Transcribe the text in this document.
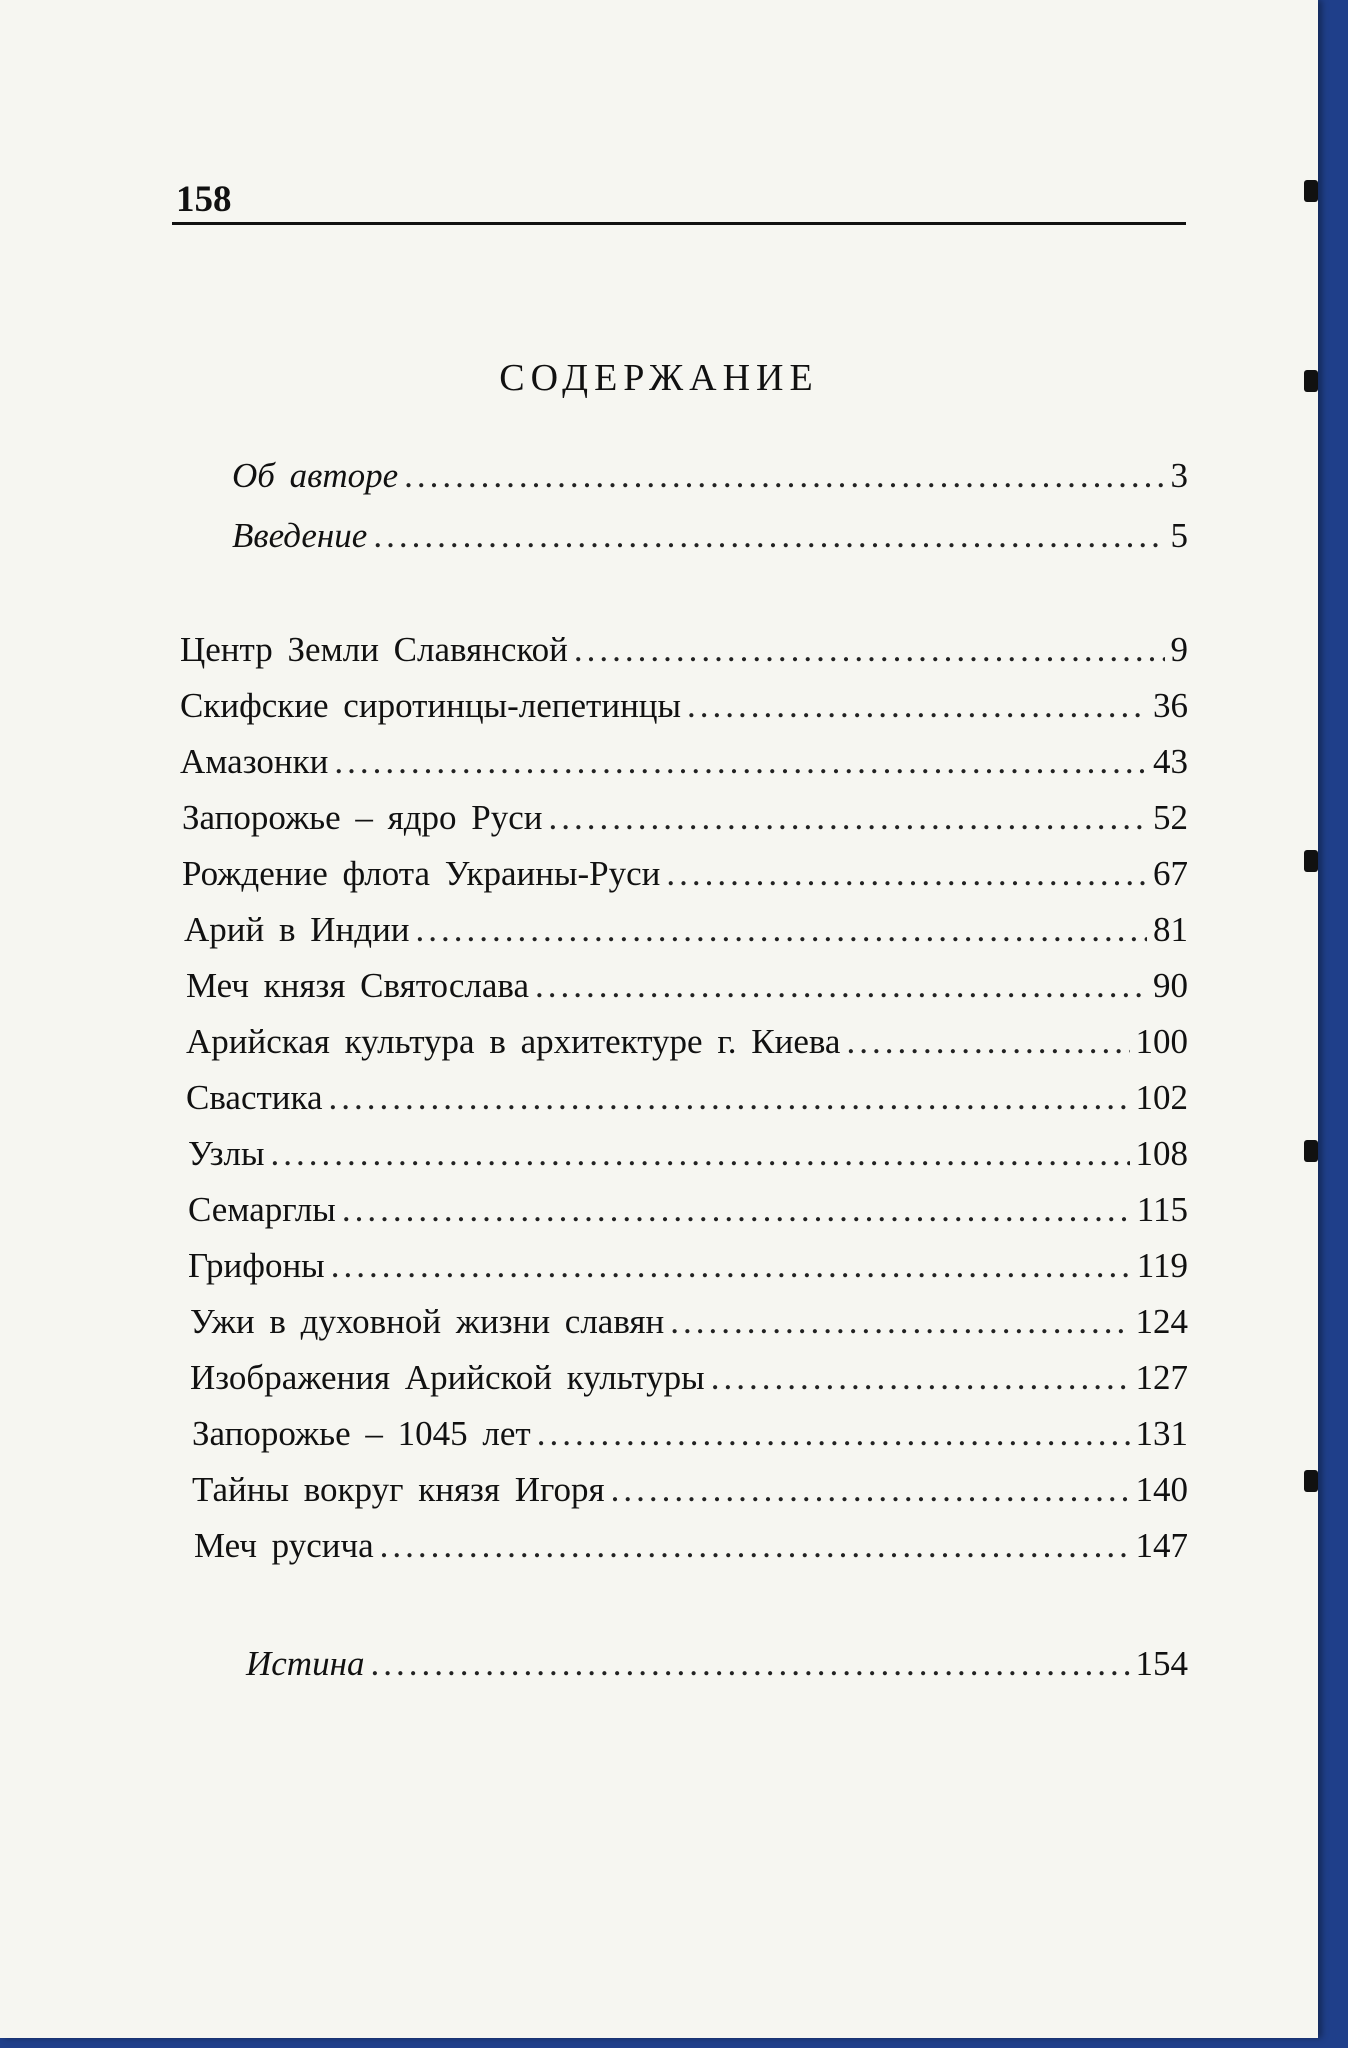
158
СОДЕРЖАНИЕ
Об авторе .....	3
Введение .....	5
Центр Земли Славянской .....	9
Скифские сиротинцы-лепетинцы .....	36
Амазонки .....	43
Запорожье – ядро Руси .....	52
Рождение флота Украины-Руси .....	67
Арий в Индии .....	81
Меч князя Святослава .....	90
Арийская культура в архитектуре г. Киева .....	100
Свастика .....	102
Узлы .....	108
Семарглы .....	115
Грифоны .....	119
Ужи в духовной жизни славян .....	124
Изображения Арийской культуры .....	127
Запорожье – 1045 лет .....	131
Тайны вокруг князя Игоря .....	140
Меч русича .....	147
Истина .....	154
